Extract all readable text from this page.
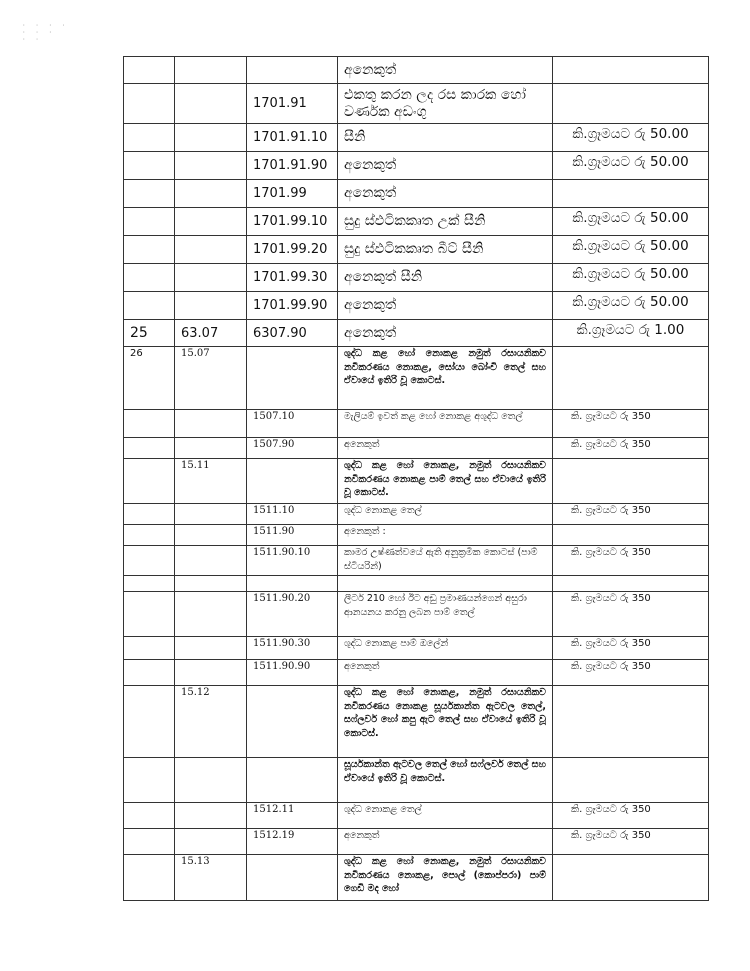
· · · ·
· · ·
· ·
			අනෙකුත්	
		1701.91	එකතු කරන ලද රස කාරක හෝ වර්ණක අඩංගු	
		1701.91.10	සීනි	කි.ග්‍රෑමයට රු 50.00
		1701.91.90	අනෙකුත්	කි.ග්‍රෑමයට රු 50.00
		1701.99	අනෙකුත්	
		1701.99.10	සුදු ස්ඵටිකකෘත උක් සීනි	කි.ග්‍රෑමයට රු 50.00
		1701.99.20	සුදු ස්ඵටිකකෘත බීට් සීනි	කි.ග්‍රෑමයට රු 50.00
		1701.99.30	අනෙකුත් සීනි	කි.ග්‍රෑමයට රු 50.00
		1701.99.90	අනෙකුත්	කි.ග්‍රෑමයට රු 50.00
25	63.07	6307.90	අනෙකුත්	කි.ග්‍රෑමයට රු 1.00
26	15.07		ශුද්ධ කළ හෝ නොකළ නමුත් රසායනිකව නවීකරණය නොකළ, සෝයා බෝංචි තෙල් සහ ඒවායේ ඉතිරි වූ කොටස්.	
		1507.10	මැලියම් ඉවත් කළ හෝ නොකළ අශුද්ධ තෙල්	කි. ග්‍රෑමයට රු 350
		1507.90	අනෙකුත්	කි. ග්‍රෑමයට රු 350
	15.11		ශුද්ධ කළ හෝ නොකළ, නමුත් රසායනිකව නවීකරණය නොකළ පාම් තෙල් සහ ඒවායේ ඉතිරි වූ කොටස්.	
		1511.10	ශුද්ධ නොකළ තෙල්	කි. ග්‍රෑමයට රු 350
		1511.90	අනෙකුත් :	
		1511.90.10	කාමර උෂ්ණත්වයේ ඇති අනුක්‍රමික කොටස් (පාම් ස්ටියරින්)	කි. ග්‍රෑමයට රු 350

		1511.90.20	ලීටර් 210 හෝ ඊට අඩු ප්‍රමාණයන්ගෙන් අසුරා ආනයනය කරනු ලබන පාම් තෙල්	කි. ග්‍රෑමයට රු 350
		1511.90.30	ශුද්ධ නොකළ පාම් ඔලේන්	කි. ග්‍රෑමයට රු 350
		1511.90.90	අනෙකුත්	කි. ග්‍රෑමයට රු 350
	15.12		ශුද්ධ කළ හෝ නොකළ, නමුත් රසායනිකව නවීකරණය නොකළ සූර්යකාන්ත ඇටවල තෙල්, සෆ්ලවර් හෝ කපු ඇට තෙල් සහ ඒවායේ ඉතිරි වූ කොටස්.	
			සූර්යකාන්ත ඇටවල තෙල් හෝ සෆ්ලවර් තෙල් සහ ඒවායේ ඉතිරි වූ කොටස්.	
		1512.11	ශුද්ධ නොකළ තෙල්	කි. ග්‍රෑමයට රු 350
		1512.19	අනෙකුත්	කි. ග්‍රෑමයට රු 350
	15.13		ශුද්ධ කළ හෝ නොකළ, නමුත් රසායනිකව නවීකරණය නොකළ, පොල් (කොප්පරා) පාම් ගෙඩි මද හෝ	
